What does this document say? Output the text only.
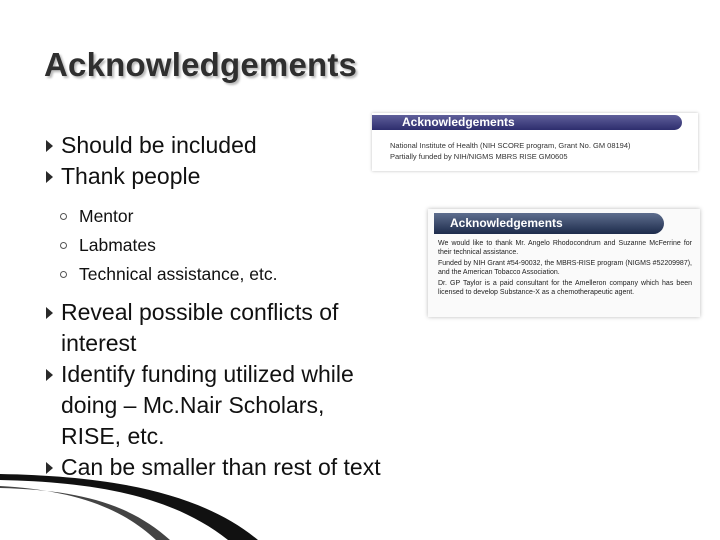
Acknowledgements
Should be included
Thank people
Mentor
Labmates
Technical assistance, etc.
Reveal possible conflicts of interest
Identify funding utilized while doing – Mc.Nair Scholars, RISE, etc.
Can be smaller than rest of text
Acknowledgements
National Institute of Health (NIH SCORE program, Grant No. GM 08194)
Partially funded by NIH/NIGMS MBRS RISE GM0605
Acknowledgements
We would like to thank Mr. Angelo Rhodocondrum and Suzanne McFerrine for their technical assistance.
Funded by NIH Grant #54-90032, the MBRS-RISE program (NIGMS #52209987), and the American Tobacco Association.
Dr. GP Taylor is a paid consultant for the Amelleron company which has been licensed to develop Substance-X as a chemotherapeutic agent.
